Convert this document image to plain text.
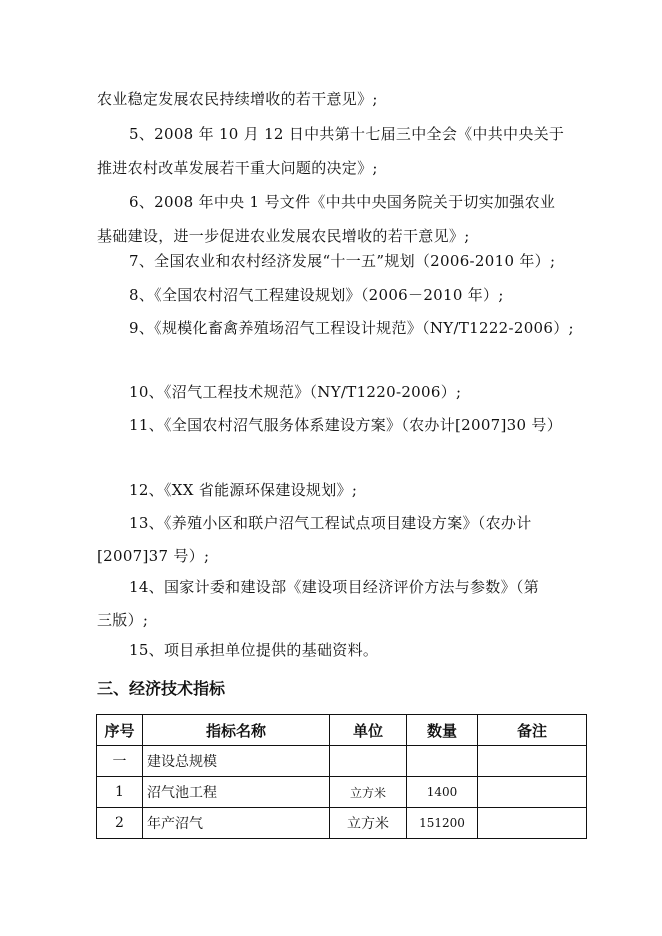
农业稳定发展农民持续增收的若干意见》;
5、2008 年 10 月 12 日中共第十七届三中全会《中共中央关于
推进农村改革发展若干重大问题的决定》;
6、2008 年中央 1 号文件《中共中央国务院关于切实加强农业
基础建设，进一步促进农业发展农民增收的若干意见》;
7、全国农业和农村经济发展“十一五”规划（2006-2010 年）;
8、《全国农村沼气工程建设规划》（2006－2010 年）;
9、《规模化畜禽养殖场沼气工程设计规范》（NY/T1222-2006）;
10、《沼气工程技术规范》（NY/T1220-2006）;
11、《全国农村沼气服务体系建设方案》（农办计[2007]30 号）
12、《XX 省能源环保建设规划》;
13、《养殖小区和联户沼气工程试点项目建设方案》（农办计
[2007]37 号）;
14、国家计委和建设部《建设项目经济评价方法与参数》（第
三版）;
15、项目承担单位提供的基础资料。
三、经济技术指标
序号	指标名称	单位	数量	备注
一	建设总规模			
1	沼气池工程	立方米	1400	
2	年产沼气	立方米	151200	
